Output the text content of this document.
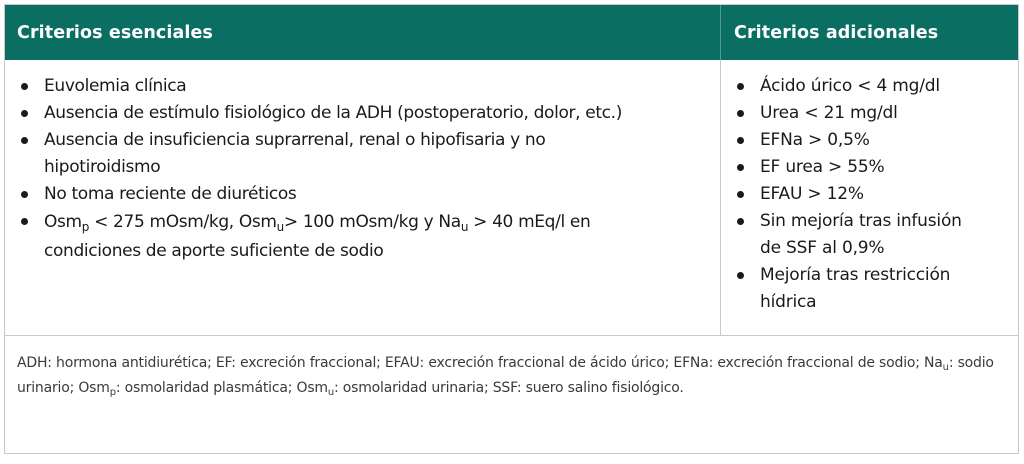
Criterios esenciales	Criterios adicionales
Euvolemia clínica
Ausencia de estímulo fisiológico de la ADH (postoperatorio, dolor, etc.)
Ausencia de insuficiencia suprarrenal, renal o hipofisaria y no hipotiroidismo
No toma reciente de diuréticos
Osm$_p$ < 275 mOsm/kg, Osm$_u$> 100 mOsm/kg y $Na_u > 40$ mEq/l en condiciones de aporte suficiente de sodio
Ácido úrico < 4 mg/dl
Urea < 21 mg/dl
EFNa > 0,5%
EF urea > 55%
EFAU > 12%
Sin mejoría tras infusión de SSF al 0,9%
Mejoría tras restricción hídrica
ADH: hormona antidiurética; EF: excreción fraccional; EFAU: excreción fraccional de ácido úrico; EFNa: excreción fraccional de sodio; $Na_u$: sodio urinario; Osm$_p$: osmolaridad plasmática; Osm$_u$: osmolaridad urinaria; SSF: suero salino fisiológico.
